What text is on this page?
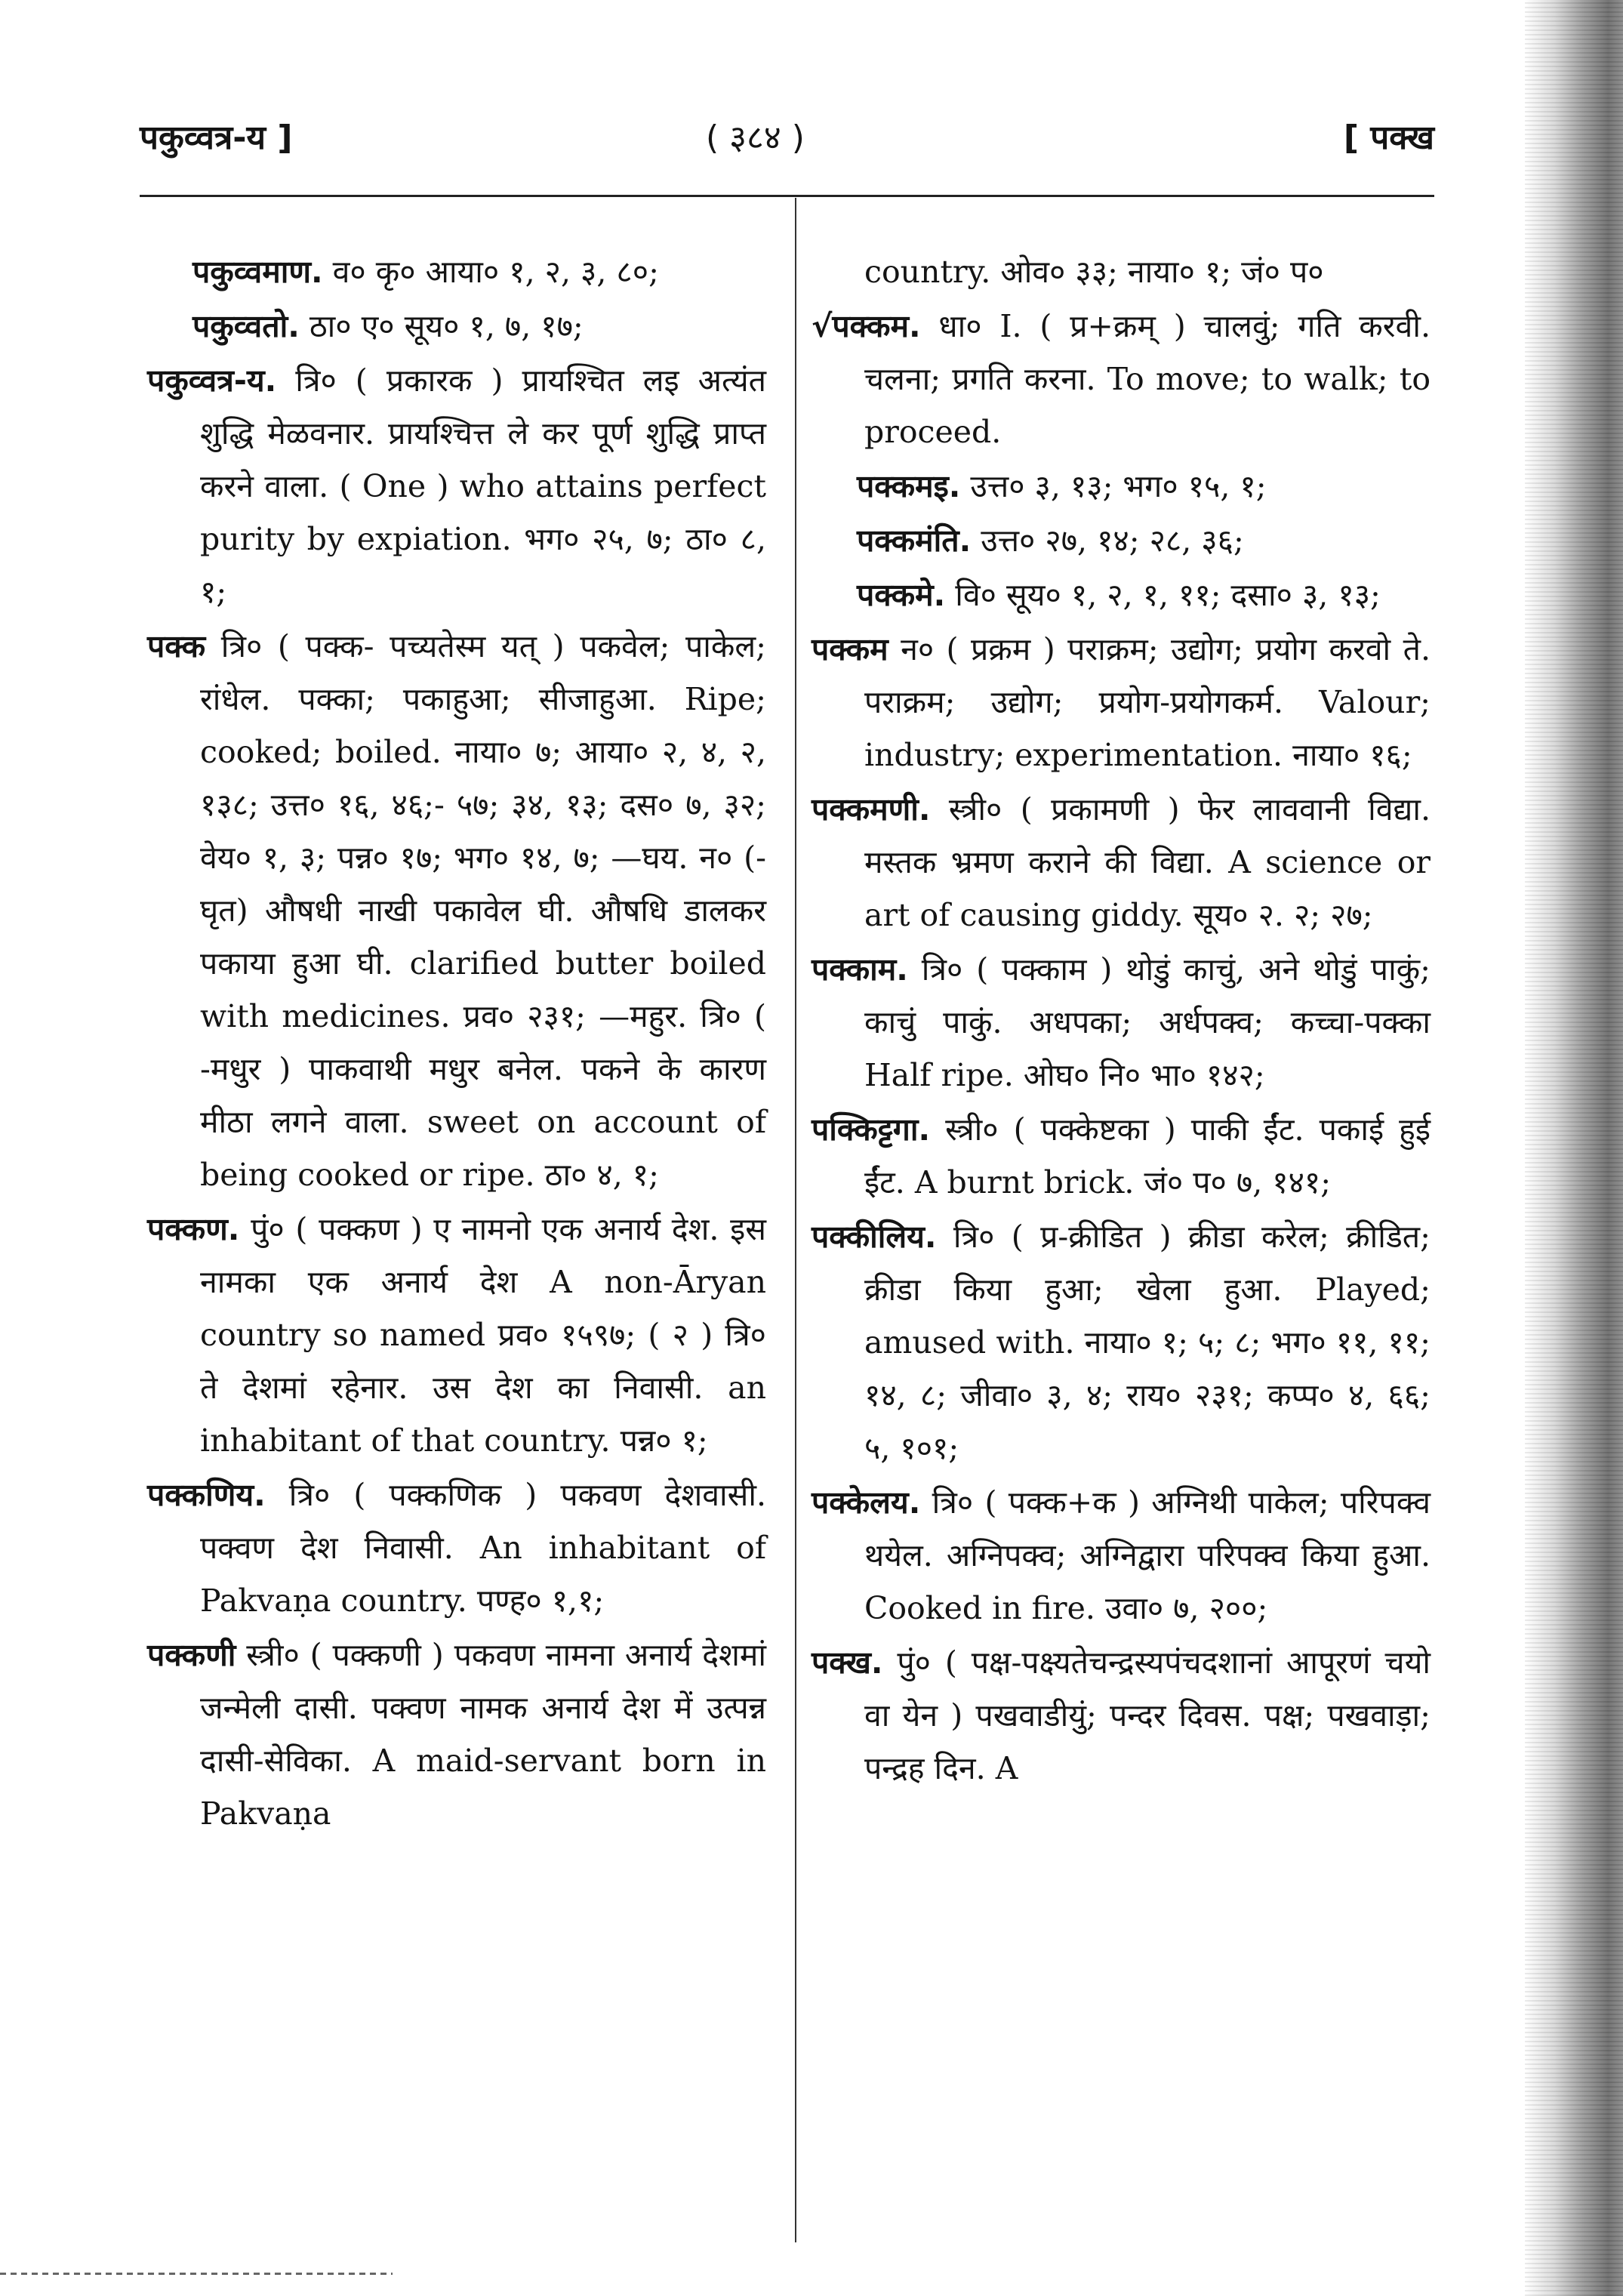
पकुव्वत्र-य ]	( ३८४ )	[ पक्ख

पकुव्वमाण. व० कृ० आया० १, २, ३, ८०;

पकुव्वतो. ठा० ए० सूय० १, ७, १७;

पकुव्वत्र-य. त्रि० ( प्रकारक ) प्रायश्चित लइ अत्यंत शुद्धि मेळवनार. प्रायश्चित्त ले कर पूर्ण शुद्धि प्राप्त करने वाला. ( One ) who attains perfect purity by expiation. भग० २५, ७; ठा० ८, १;

पक्क त्रि० ( पक्क- पच्यतेस्म यत् ) पकवेल; पाकेल; रांधेल. पक्का; पकाहुआ; सीजाहुआ. Ripe; cooked; boiled. नाया० ७; आया० २, ४, २, १३८; उत्त० १६, ४६;- ५७; ३४, १३; दस० ७, ३२; वेय० १, ३; पन्न० १७; भग० १४, ७; —घय. न० (-घृत) औषधी नाखी पकावेल घी. औषधि डालकर पकाया हुआ घी. clarified butter boiled with medicines. प्रव० २३१; —महुर. त्रि० ( -मधुर ) पाकवाथी मधुर बनेल. पकने के कारण मीठा लगने वाला. sweet on account of being cooked or ripe. ठा० ४, १;

पक्कण. पुं० ( पक्कण ) ए नामनो एक अनार्य देश. इस नामका एक अनार्य देश A non-Āryan country so named प्रव० १५९७; ( २ ) त्रि० ते देशमां रहेनार. उस देश का निवासी. an inhabitant of that country. पन्न० १;

पक्कणिय. त्रि० ( पक्कणिक ) पकवण देशवासी. पक्वण देश निवासी. An inhabitant of Pakvaṇa country. पण्ह० १,१;

पक्कणी स्त्री० ( पक्कणी ) पकवण नामना अनार्य देशमां जन्मेली दासी. पक्वण नामक अनार्य देश में उत्पन्न दासी-सेविका. A maid-servant born in Pakvaṇa

country. ओव० ३३; नाया० १; जं० प०

√पक्कम. धा० I. ( प्र+क्रम् ) चालवुं; गति करवी. चलना; प्रगति करना. To move; to walk; to proceed.

पक्कमइ. उत्त० ३, १३; भग० १५, १;

पक्कमंति. उत्त० २७, १४; २८, ३६;

पक्कमे. वि० सूय० १, २, १, ११; दसा० ३, १३;

पक्कम न० ( प्रक्रम ) पराक्रम; उद्योग; प्रयोग करवो ते. पराक्रम; उद्योग; प्रयोग-प्रयोगकर्म. Valour; industry; experimentation. नाया० १६;

पक्कमणी. स्त्री० ( प्रकामणी ) फेर लाववानी विद्या. मस्तक भ्रमण कराने की विद्या. A science or art of causing giddy. सूय० २. २; २७;

पक्काम. त्रि० ( पक्काम ) थोडुं काचुं, अने थोडुं पाकुं; काचुं पाकुं. अधपका; अर्धपक्व; कच्चा-पक्का Half ripe. ओघ० नि० भा० १४२;

पक्किट्टगा. स्त्री० ( पक्केष्टका ) पाकी ईंट. पकाई हुई ईंट. A burnt brick. जं० प० ७, १४१;

पक्कीलिय. त्रि० ( प्र-क्रीडित ) क्रीडा करेल; क्रीडित; क्रीडा किया हुआ; खेला हुआ. Played; amused with. नाया० १; ५; ८; भग० ११, ११; १४, ८; जीवा० ३, ४; राय० २३१; कप्प० ४, ६६; ५, १०१;

पक्केलय. त्रि० ( पक्क+क ) अग्निथी पाकेल; परिपक्व थयेल. अग्निपक्व; अग्निद्वारा परिपक्व किया हुआ. Cooked in fire. उवा० ७, २००;

पक्ख. पुं० ( पक्ष-पक्ष्यतेचन्द्रस्यपंचदशानां आपूरणं चयो वा येन ) पखवाडीयुं; पन्दर दिवस. पक्ष; पखवाड़ा; पन्द्रह दिन. A
